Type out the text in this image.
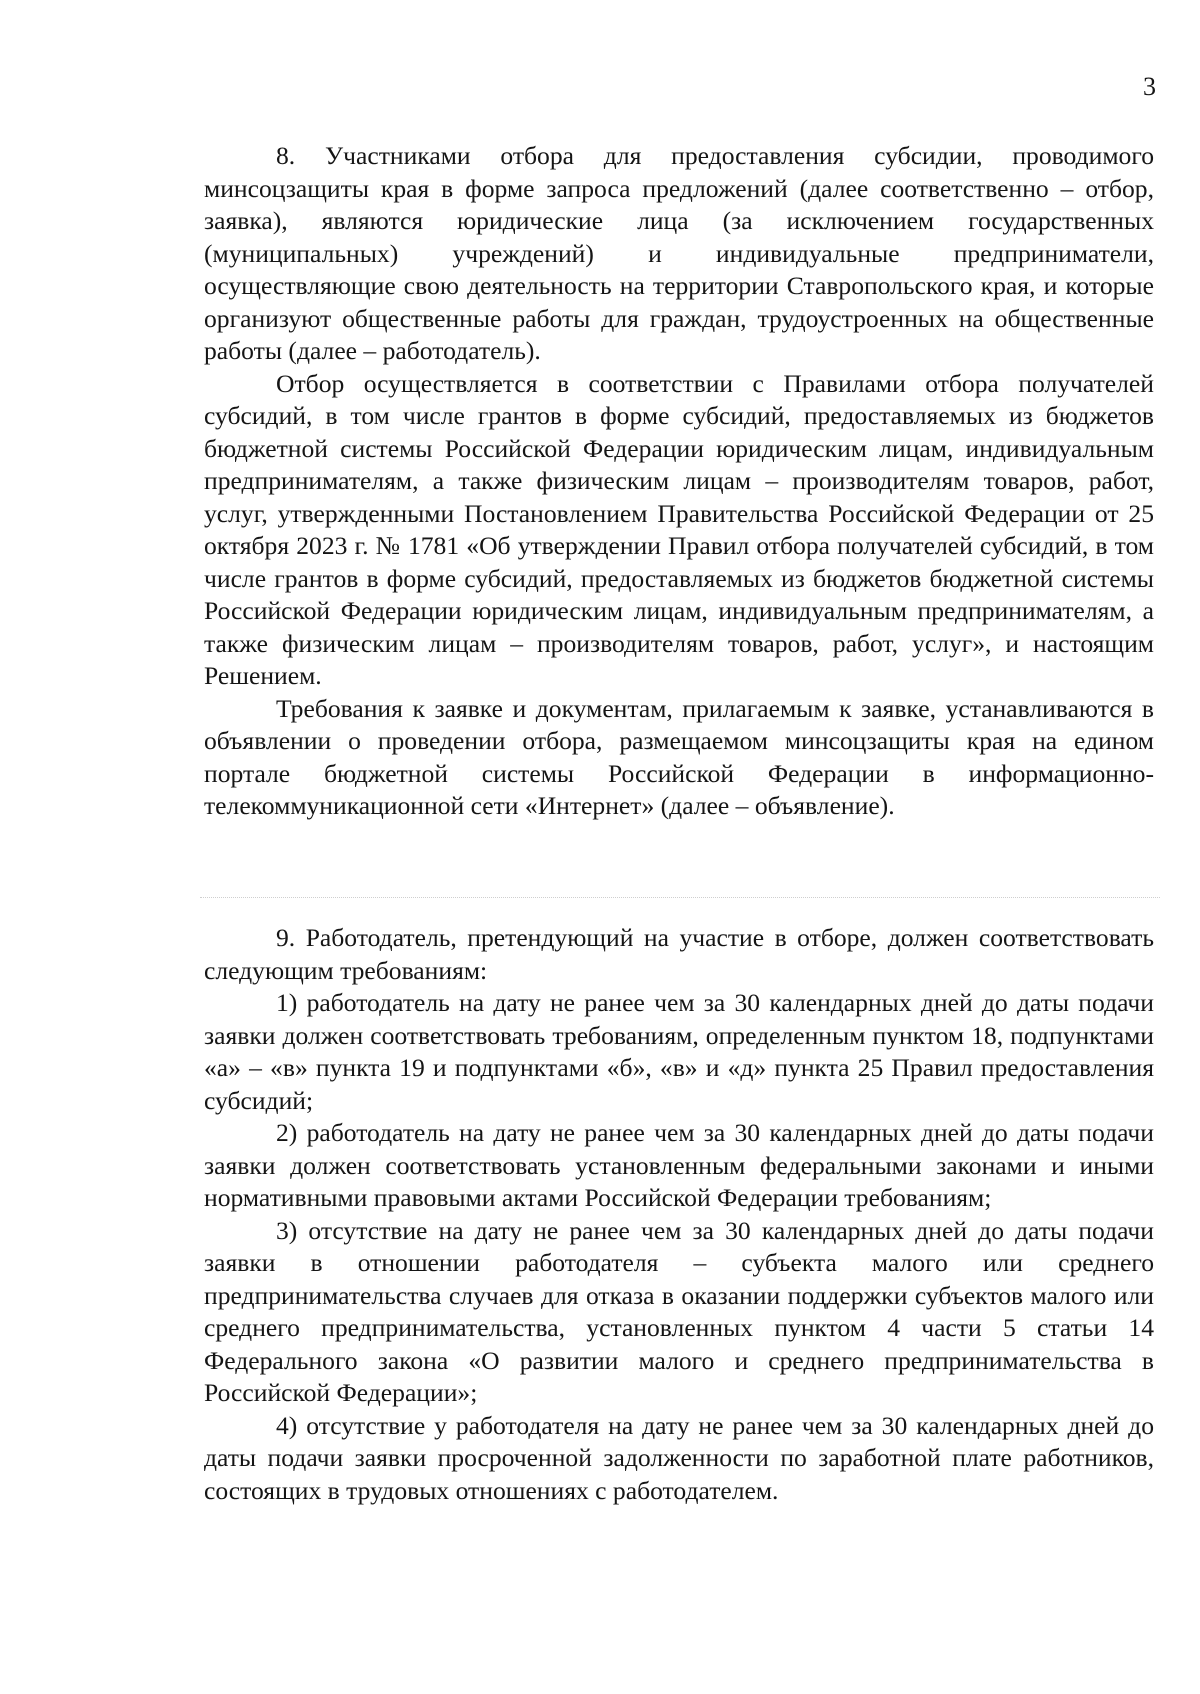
3

8. Участниками отбора для предоставления субсидии, проводимого минсоцзащиты края в форме запроса предложений (далее соответственно – отбор, заявка), являются юридические лица (за исключением государственных (муниципальных) учреждений) и индивидуальные предприниматели, осуществляющие свою деятельность на территории Ставропольского края, и которые организуют общественные работы для граждан, трудоустроенных на общественные работы (далее – работодатель).

Отбор осуществляется в соответствии с Правилами отбора получателей субсидий, в том числе грантов в форме субсидий, предоставляемых из бюджетов бюджетной системы Российской Федерации юридическим лицам, индивидуальным предпринимателям, а также физическим лицам – производителям товаров, работ, услуг, утвержденными Постановлением Правительства Российской Федерации от 25 октября 2023 г. № 1781 «Об утверждении Правил отбора получателей субсидий, в том числе грантов в форме субсидий, предоставляемых из бюджетов бюджетной системы Российской Федерации юридическим лицам, индивидуальным предпринимателям, а также физическим лицам – производителям товаров, работ, услуг», и настоящим Решением.

Требования к заявке и документам, прилагаемым к заявке, устанавливаются в объявлении о проведении отбора, размещаемом минсоцзащиты края на едином портале бюджетной системы Российской Федерации в информационно-телекоммуникационной сети «Интернет» (далее – объявление).

9. Работодатель, претендующий на участие в отборе, должен соответствовать следующим требованиям:

1) работодатель на дату не ранее чем за 30 календарных дней до даты подачи заявки должен соответствовать требованиям, определенным пунктом 18, подпунктами «а» – «в» пункта 19 и подпунктами «б», «в» и «д» пункта 25 Правил предоставления субсидий;

2) работодатель на дату не ранее чем за 30 календарных дней до даты подачи заявки должен соответствовать установленным федеральными законами и иными нормативными правовыми актами Российской Федерации требованиям;

3) отсутствие на дату не ранее чем за 30 календарных дней до даты подачи заявки в отношении работодателя – субъекта малого или среднего предпринимательства случаев для отказа в оказании поддержки субъектов малого или среднего предпринимательства, установленных пунктом 4 части 5 статьи 14 Федерального закона «О развитии малого и среднего предпринимательства в Российской Федерации»;

4) отсутствие у работодателя на дату не ранее чем за 30 календарных дней до даты подачи заявки просроченной задолженности по заработной плате работников, состоящих в трудовых отношениях с работодателем.
